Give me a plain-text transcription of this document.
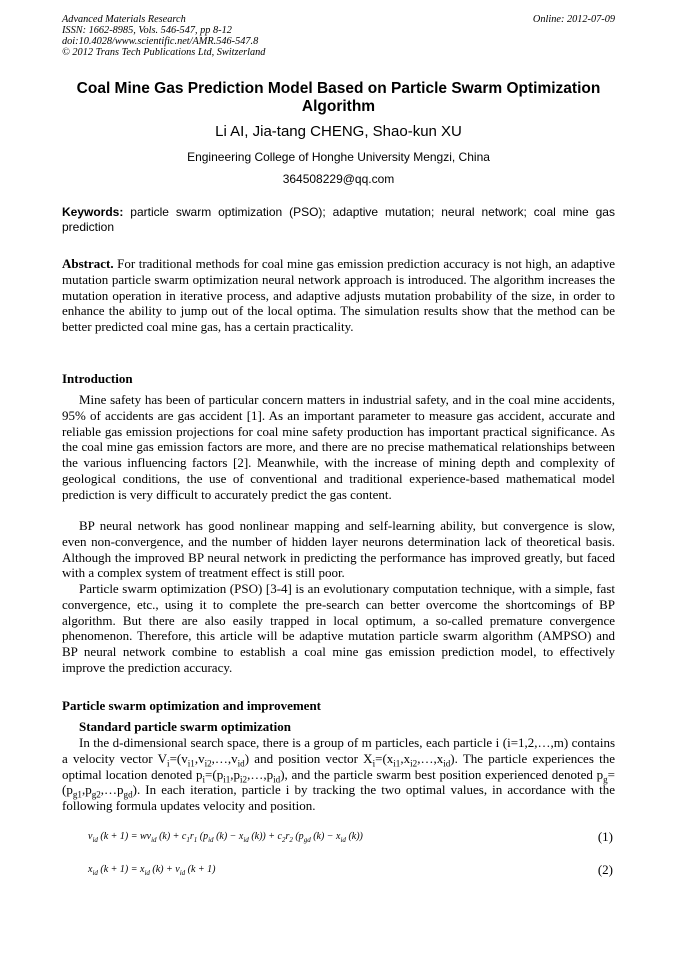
Advanced Materials Research
ISSN: 1662-8985, Vols. 546-547, pp 8-12
doi:10.4028/www.scientific.net/AMR.546-547.8
© 2012 Trans Tech Publications Ltd, Switzerland
Online: 2012-07-09
Coal Mine Gas Prediction Model Based on Particle Swarm Optimization Algorithm
Li AI, Jia-tang CHENG, Shao-kun XU
Engineering College of Honghe University Mengzi, China
364508229@qq.com
Keywords: particle swarm optimization (PSO); adaptive mutation; neural network; coal mine gas prediction

Abstract. For traditional methods for coal mine gas emission prediction accuracy is not high, an adaptive mutation particle swarm optimization neural network approach is introduced. The algorithm increases the mutation operation in iterative process, and adaptive adjusts mutation probability of the size, in order to enhance the ability to jump out of the local optima. The simulation results show that the method can be better predicted coal mine gas, has a certain practicality.

Introduction

Mine safety has been of particular concern matters in industrial safety, and in the coal mine accidents, 95% of accidents are gas accident [1]. As an important parameter to measure gas accident, accurate and reliable gas emission projections for coal mine safety production has important practical significance. As the coal mine gas emission factors are more, and there are no precise mathematical relationships between the various influencing factors [2]. Meanwhile, with the increase of mining depth and complexity of geological conditions, the use of conventional and traditional experience-based mathematical model prediction is very difficult to accurately predict the gas content.

BP neural network has good nonlinear mapping and self-learning ability, but convergence is slow, even non-convergence, and the number of hidden layer neurons determination lack of theoretical basis. Although the improved BP neural network in predicting the performance has improved greatly, but faced with a complex system of treatment effect is still poor.

Particle swarm optimization (PSO) [3-4] is an evolutionary computation technique, with a simple, fast convergence, etc., using it to complete the pre-search can better overcome the shortcomings of BP algorithm. But there are also easily trapped in local optimum, a so-called premature convergence phenomenon. Therefore, this article will be adaptive mutation particle swarm algorithm (AMPSO) and BP neural network combine to establish a coal mine gas emission prediction model, to effectively improve the prediction accuracy.

Particle swarm optimization and improvement
Standard particle swarm optimization

In the d-dimensional search space, there is a group of m particles, each particle i (i=1,2,…,m) contains a velocity vector $V_i=(v_{i1},v_{i2},\dots,v_{id})$ and position vector $X_i=(x_{i1},x_{i2},\dots,x_{id})$. The particle experiences the optimal location denoted $p_i=(p_{i1},p_{i2},\dots,p_{id})$, and the particle swarm best position experienced denoted $p_g=(p_{g1},p_{g2},\dots p_{gd})$. In each iteration, particle i by tracking the two optimal values, in accordance with the following formula updates velocity and position.

$v_{id}$ $(k + 1) = wv_{id}$ $(k) + c_1r_1$ ($p_{id}$ $(k) - x_{id}$ $(k)) + c_2r_2$ ($p_{gd}$ $(k) - x_{id}$ (k))	(1)
$x_{id}$ $(k + 1) = x_{id}$ $(k) + v_{id}$ (k + 1)	(2)
